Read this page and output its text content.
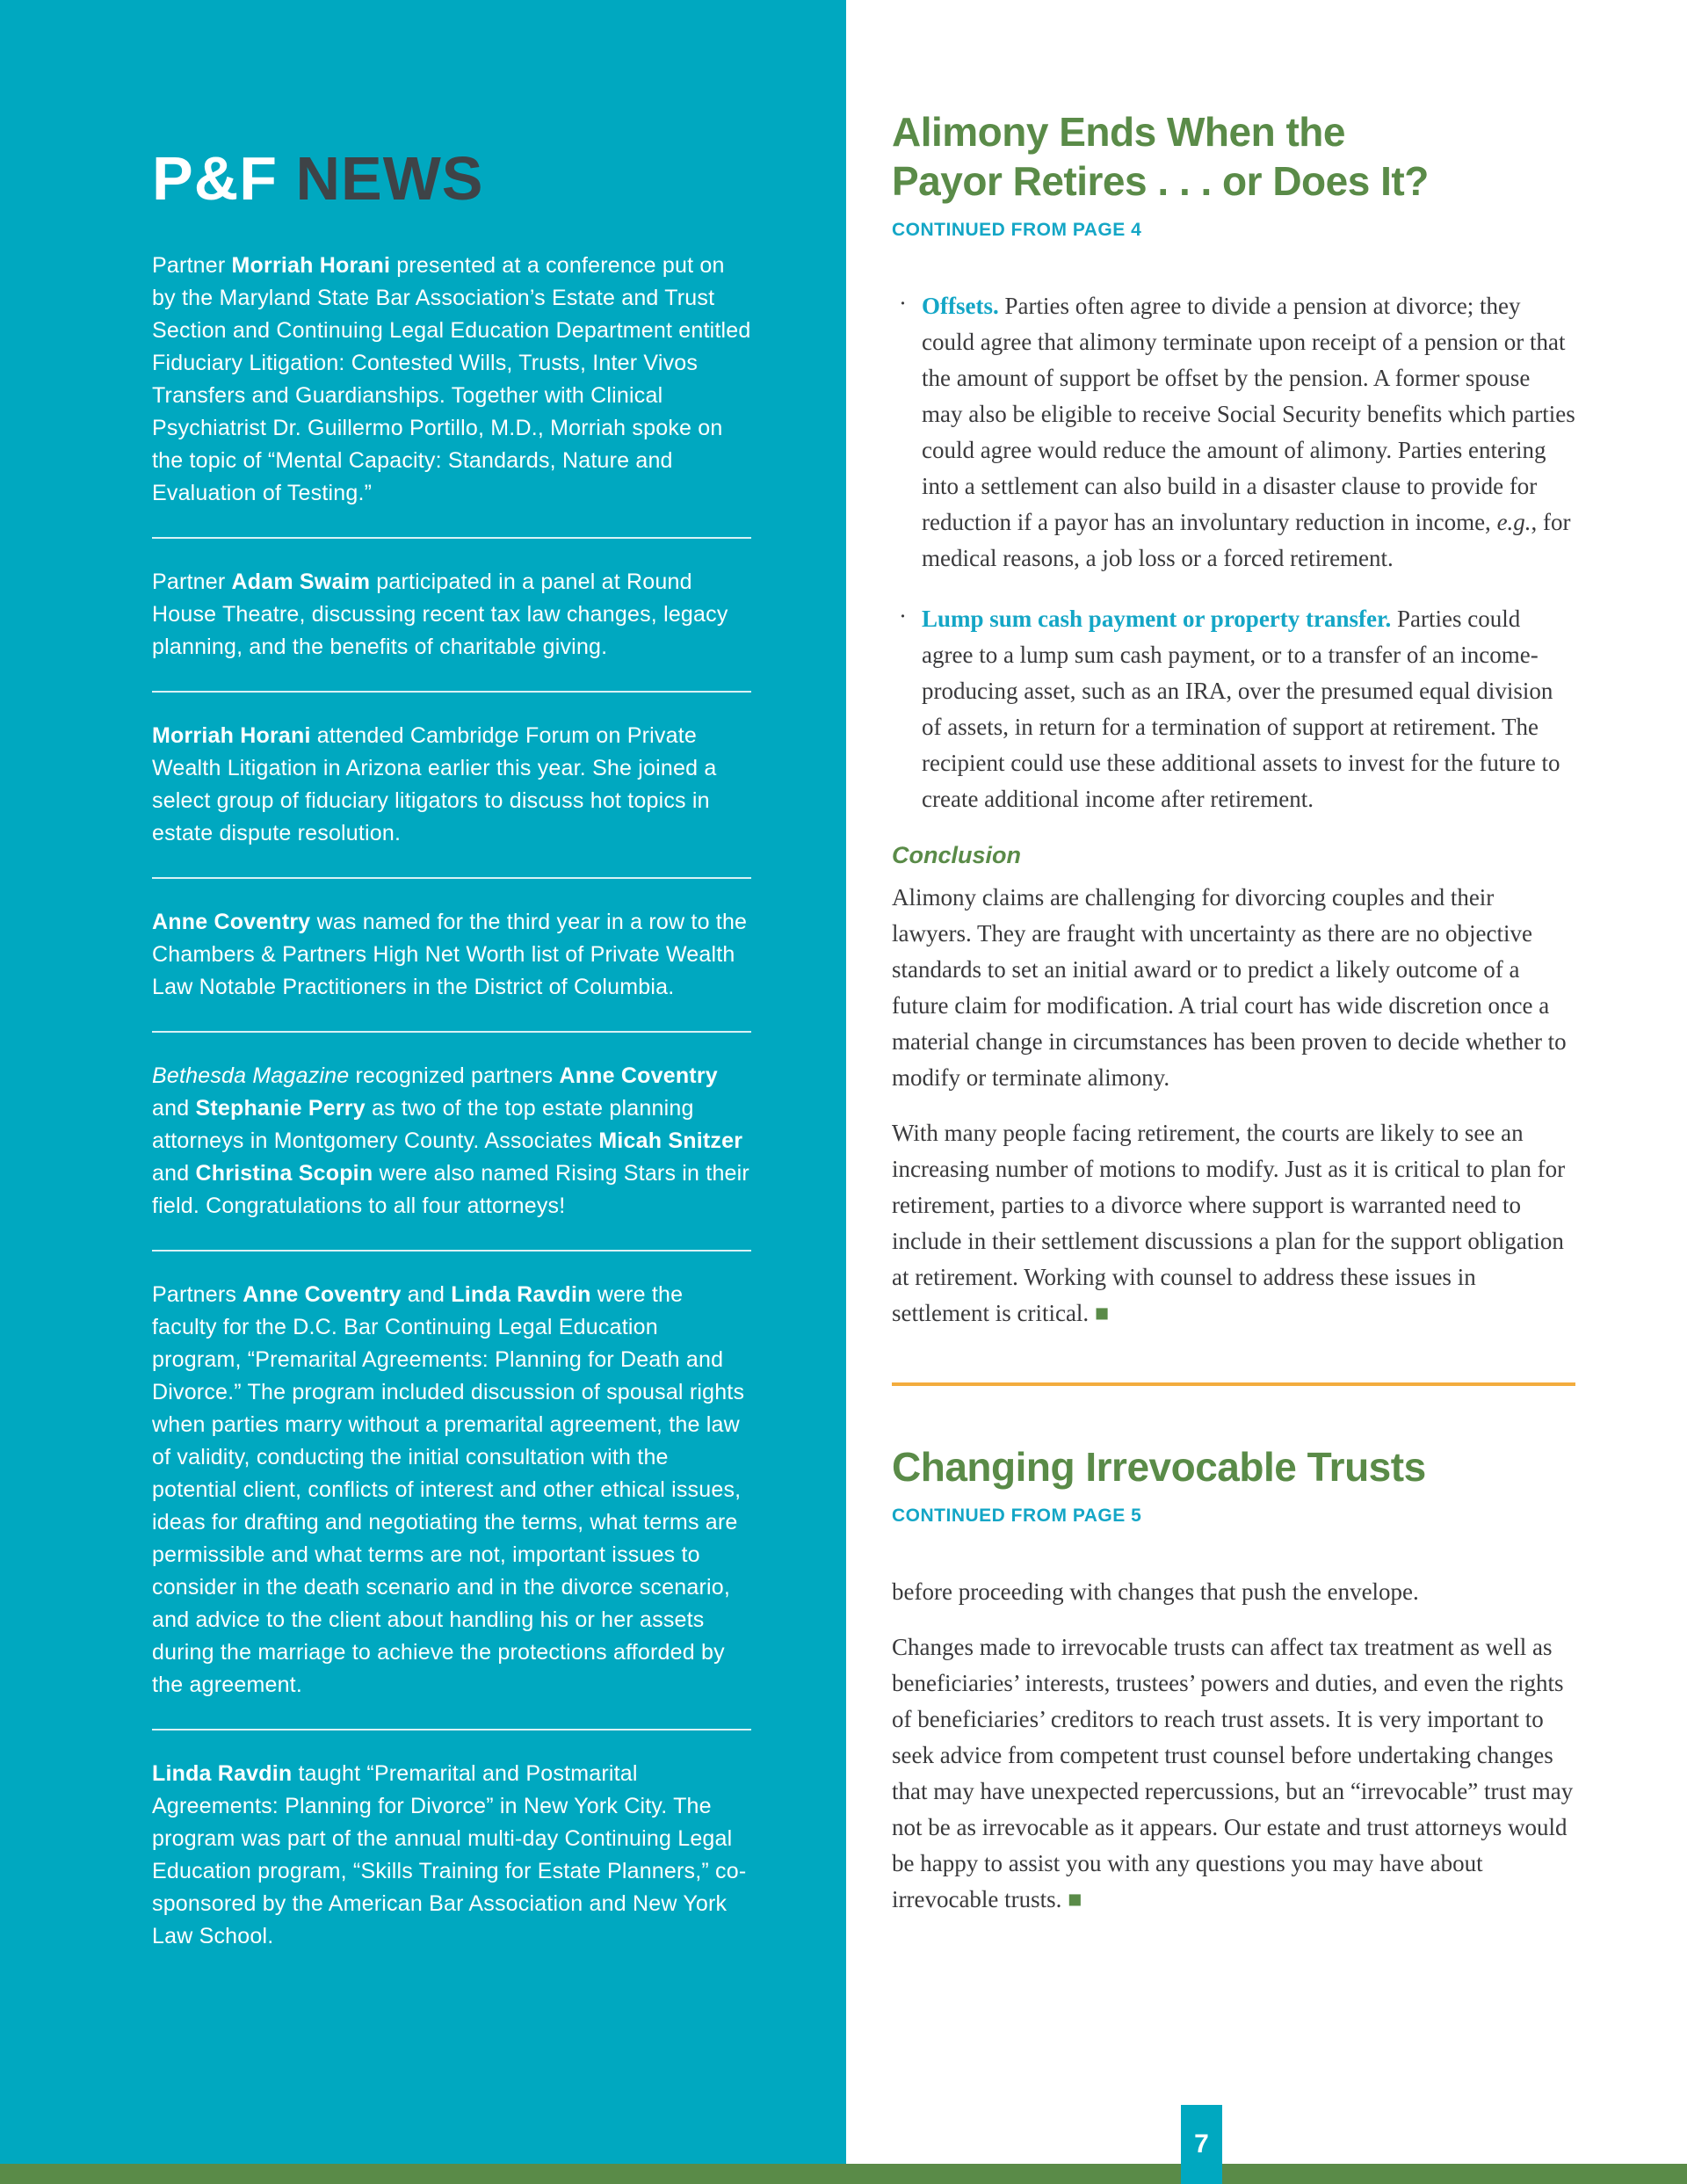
P&F NEWS

Partner Morriah Horani presented at a conference put on by the Maryland State Bar Association’s Estate and Trust Section and Continuing Legal Education Department entitled Fiduciary Litigation: Contested Wills, Trusts, Inter Vivos Transfers and Guardianships. Together with Clinical Psychiatrist Dr. Guillermo Portillo, M.D., Morriah spoke on the topic of “Mental Capacity: Standards, Nature and Evaluation of Testing.”

Partner Adam Swaim participated in a panel at Round House Theatre, discussing recent tax law changes, legacy planning, and the benefits of charitable giving.

Morriah Horani attended Cambridge Forum on Private Wealth Litigation in Arizona earlier this year. She joined a select group of fiduciary litigators to discuss hot topics in estate dispute resolution.

Anne Coventry was named for the third year in a row to the Chambers & Partners High Net Worth list of Private Wealth Law Notable Practitioners in the District of Columbia.

Bethesda Magazine recognized partners Anne Coventry and Stephanie Perry as two of the top estate planning attorneys in Montgomery County. Associates Micah Snitzer and Christina Scopin were also named Rising Stars in their field. Congratulations to all four attorneys!

Partners Anne Coventry and Linda Ravdin were the faculty for the D.C. Bar Continuing Legal Education program, “Premarital Agreements: Planning for Death and Divorce.” The program included discussion of spousal rights when parties marry without a premarital agreement, the law of validity, conducting the initial consultation with the potential client, conflicts of interest and other ethical issues, ideas for drafting and negotiating the terms, what terms are permissible and what terms are not, important issues to consider in the death scenario and in the divorce scenario, and advice to the client about handling his or her assets during the marriage to achieve the protections afforded by the agreement.

Linda Ravdin taught “Premarital and Postmarital Agreements: Planning for Divorce” in New York City. The program was part of the annual multi-day Continuing Legal Education program, “Skills Training for Estate Planners,” co-sponsored by the American Bar Association and New York Law School.

Alimony Ends When the
Payor Retires . . . or Does It?
CONTINUED FROM PAGE 4
· Offsets. Parties often agree to divide a pension at divorce; they could agree that alimony terminate upon receipt of a pension or that the amount of support be offset by the pension. A former spouse may also be eligible to receive Social Security benefits which parties could agree would reduce the amount of alimony. Parties entering into a settlement can also build in a disaster clause to provide for reduction if a payor has an involuntary reduction in income, e.g., for medical reasons, a job loss or a forced retirement.

· Lump sum cash payment or property transfer. Parties could agree to a lump sum cash payment, or to a transfer of an income-producing asset, such as an IRA, over the presumed equal division of assets, in return for a termination of support at retirement. The recipient could use these additional assets to invest for the future to create additional income after retirement.

Conclusion

Alimony claims are challenging for divorcing couples and their lawyers. They are fraught with uncertainty as there are no objective standards to set an initial award or to predict a likely outcome of a future claim for modification. A trial court has wide discretion once a material change in circumstances has been proven to decide whether to modify or terminate alimony.

With many people facing retirement, the courts are likely to see an increasing number of motions to modify. Just as it is critical to plan for retirement, parties to a divorce where support is warranted need to include in their settlement discussions a plan for the support obligation at retirement. Working with counsel to address these issues in settlement is critical. ■

Changing Irrevocable Trusts
CONTINUED FROM PAGE 5

before proceeding with changes that push the envelope.

Changes made to irrevocable trusts can affect tax treatment as well as beneficiaries’ interests, trustees’ powers and duties, and even the rights of beneficiaries’ creditors to reach trust assets. It is very important to seek advice from competent trust counsel before undertaking changes that may have unexpected repercussions, but an “irrevocable” trust may not be as irrevocable as it appears. Our estate and trust attorneys would be happy to assist you with any questions you may have about irrevocable trusts. ■

7
